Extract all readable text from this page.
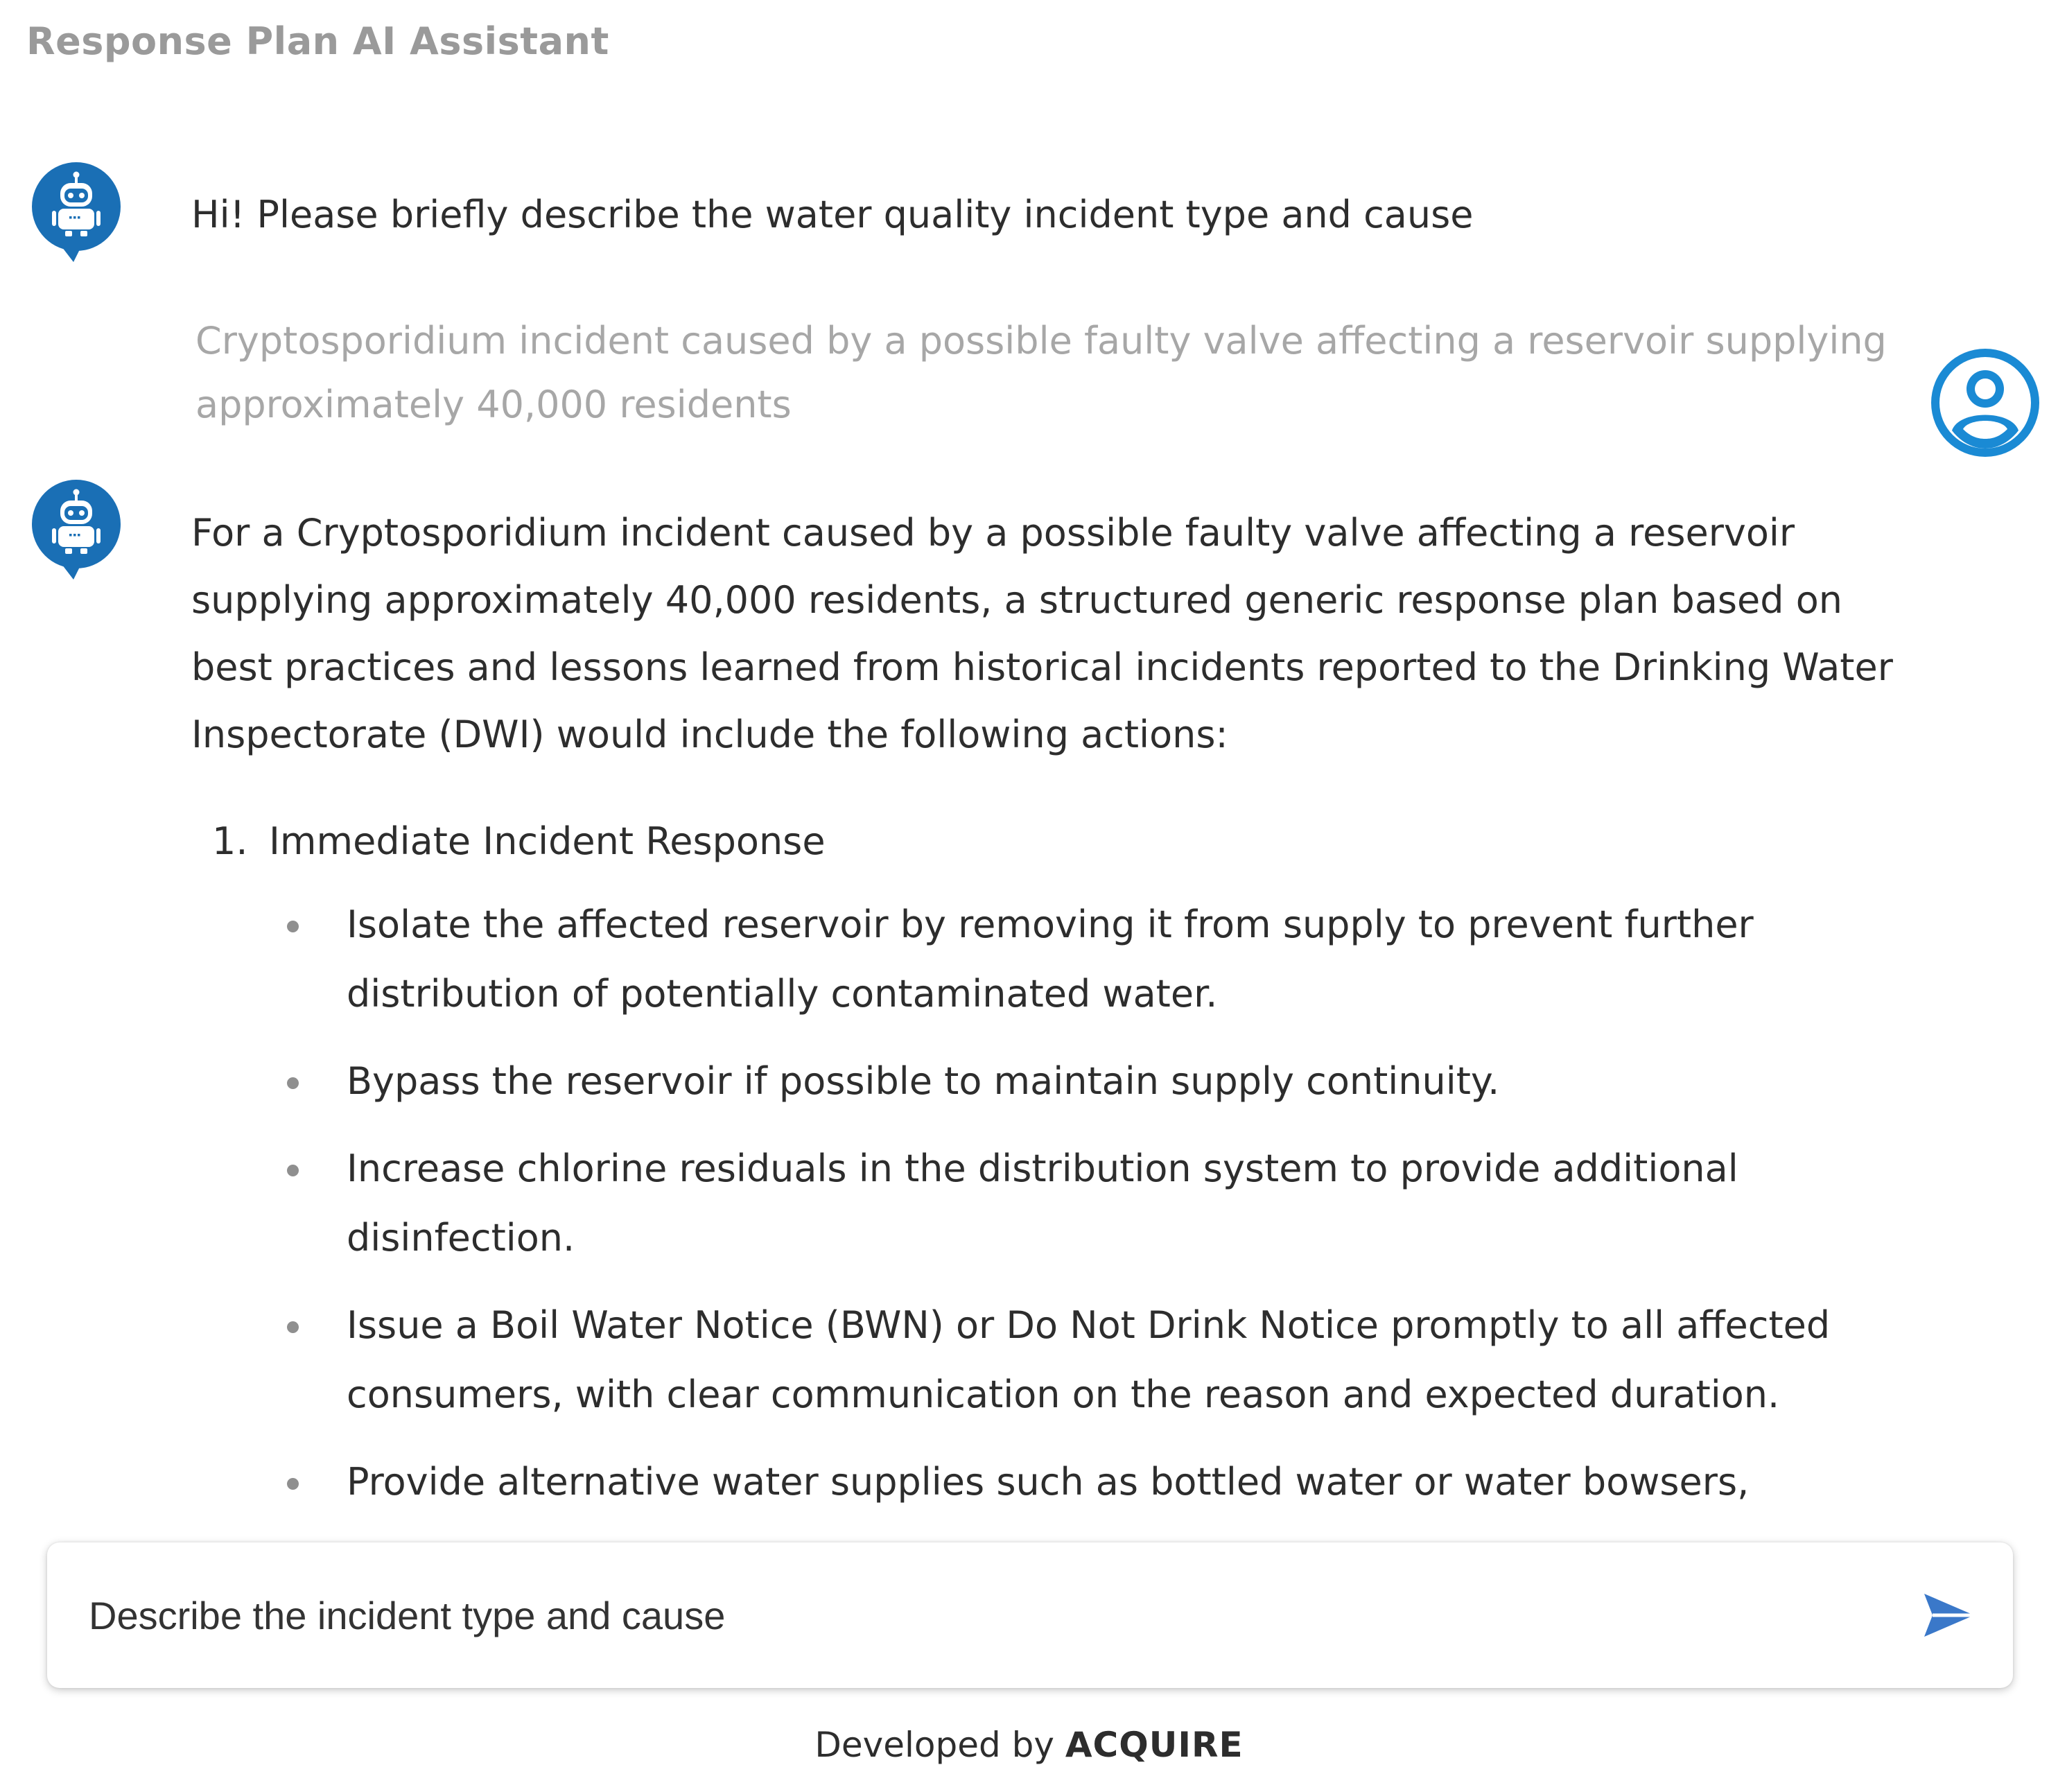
Response Plan AI Assistant
Hi! Please briefly describe the water quality incident type and cause
Cryptosporidium incident caused by a possible faulty valve affecting a reservoir supplying approximately 40,000 residents

For a Cryptosporidium incident caused by a possible faulty valve affecting a reservoir supplying approximately 40,000 residents, a structured generic response plan based on best practices and lessons learned from historical incidents reported to the Drinking Water Inspectorate (DWI) would include the following actions:

1. Immediate Incident Response
Isolate the affected reservoir by removing it from supply to prevent further distribution of potentially contaminated water.
Bypass the reservoir if possible to maintain supply continuity.
Increase chlorine residuals in the distribution system to provide additional disinfection.
Issue a Boil Water Notice (BWN) or Do Not Drink Notice promptly to all affected consumers, with clear communication on the reason and expected duration.
Provide alternative water supplies such as bottled water or water bowsers,
Describe the incident type and cause
Developed by ACQUIRE
